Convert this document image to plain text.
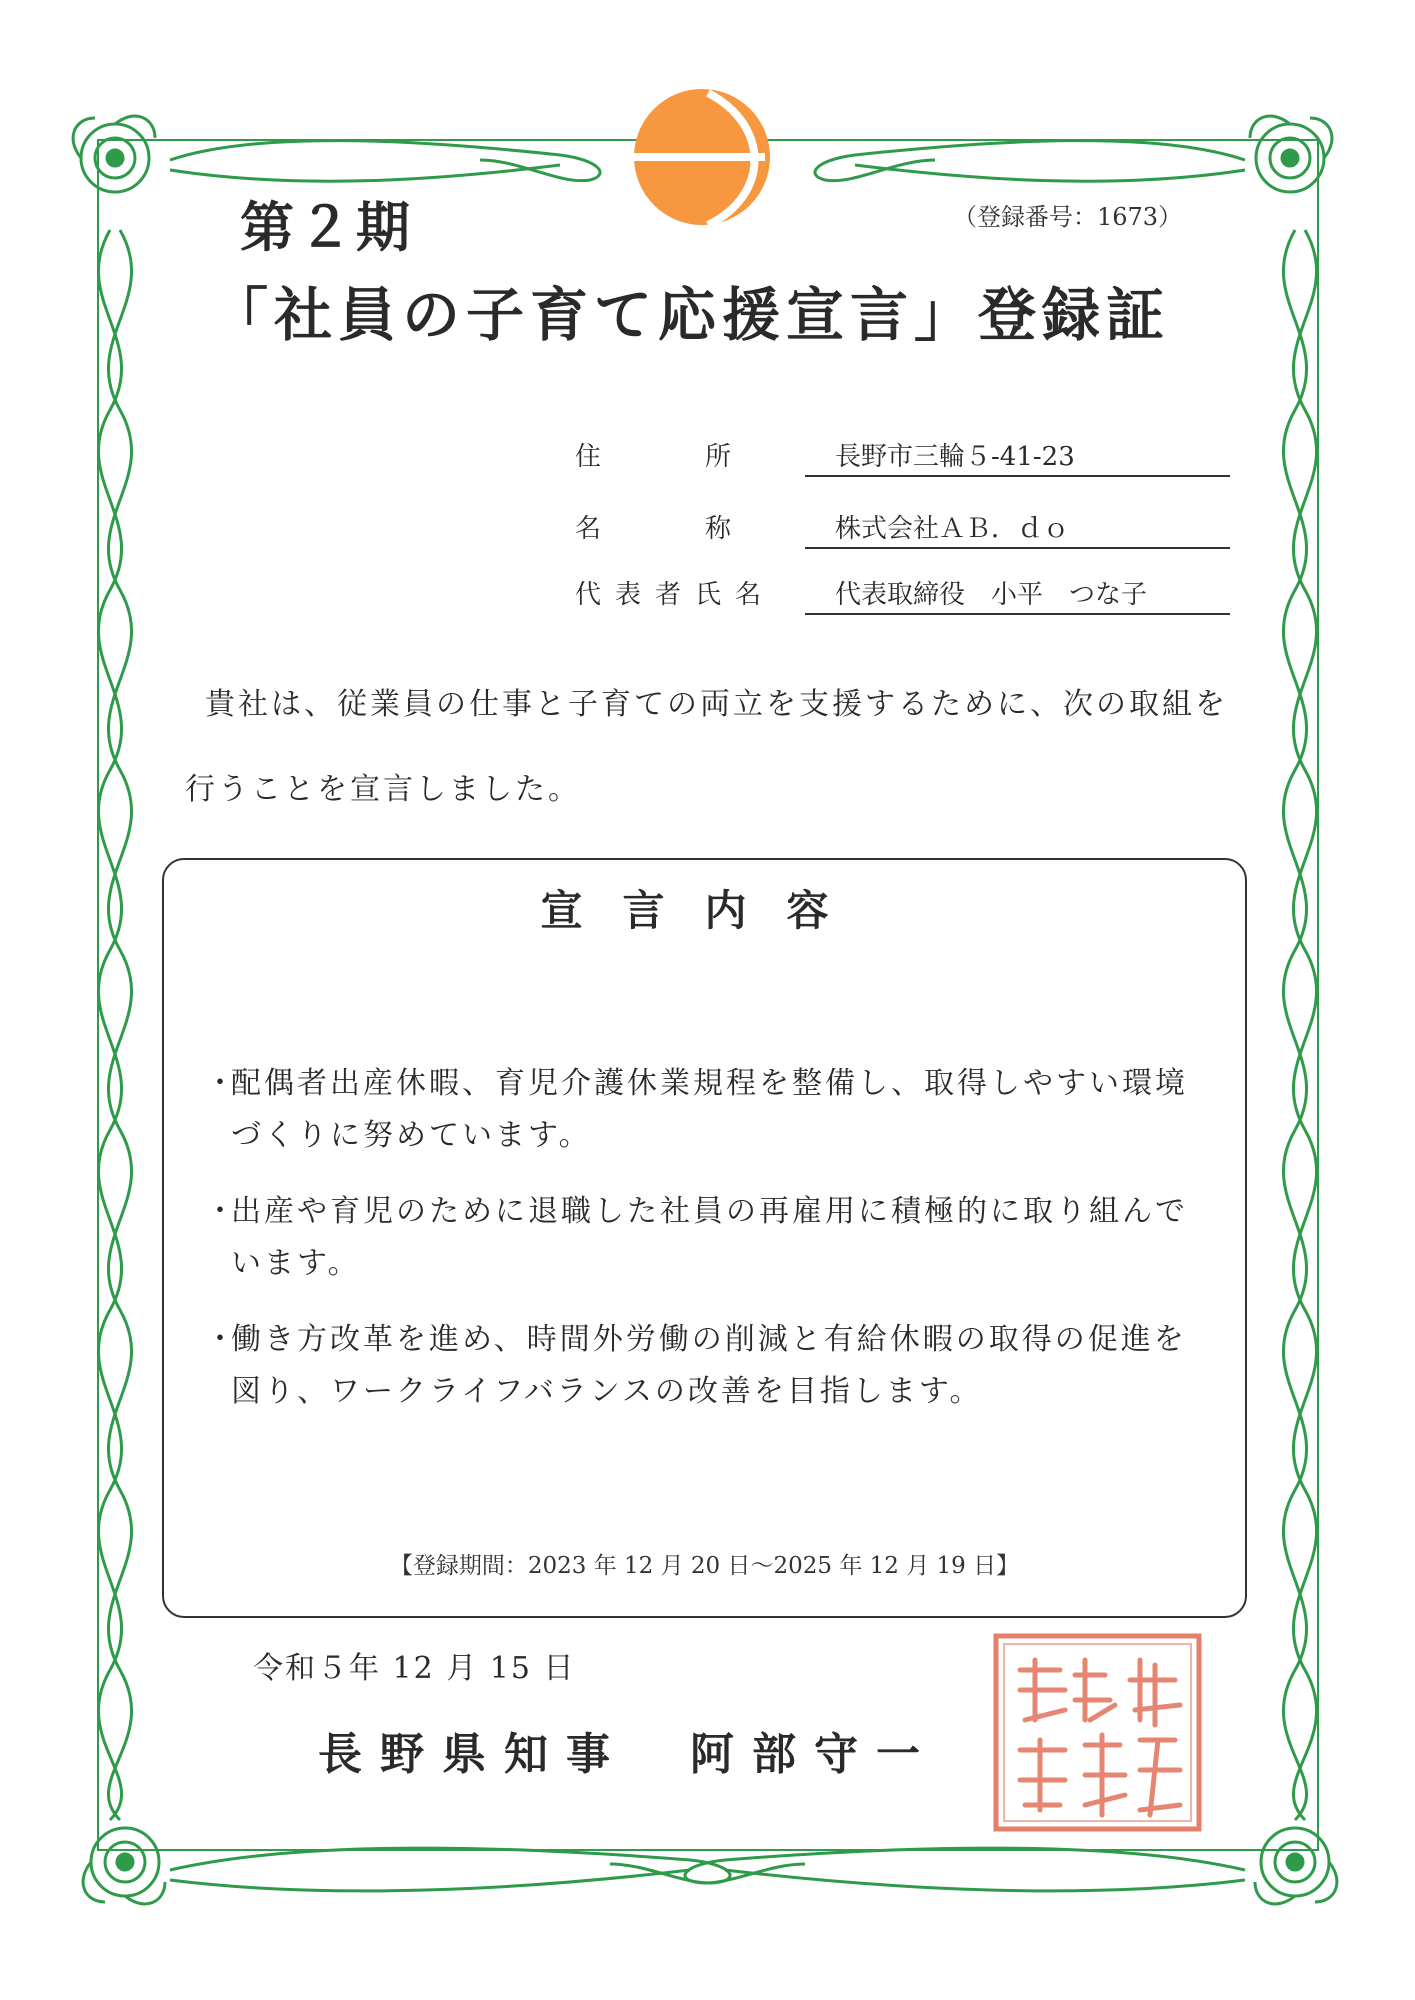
第２期	（登録番号：1673）
「社員の子育て応援宣言」登録証
住　　　　所	長野市三輪５-41-23
名　　　　称	株式会社ＡＢ．ｄｏ
代表者氏名	代表取締役　小平　つな子
貴社は、従業員の仕事と子育ての両立を支援するために、次の取組を
行うことを宣言しました。
宣言内容
・
配偶者出産休暇、育児介護休業規程を整備し、取得しやすい環境づくりに努めています。
・
出産や育児のために退職した社員の再雇用に積極的に取り組んでいます。
・
働き方改革を進め、時間外労働の削減と有給休暇の取得の促進を図り、ワークライフバランスの改善を目指します。
【登録期間：2023 年 12 月 20 日～2025 年 12 月 19 日】
令和５年 12 月 15 日
長野県知事　阿部守一
